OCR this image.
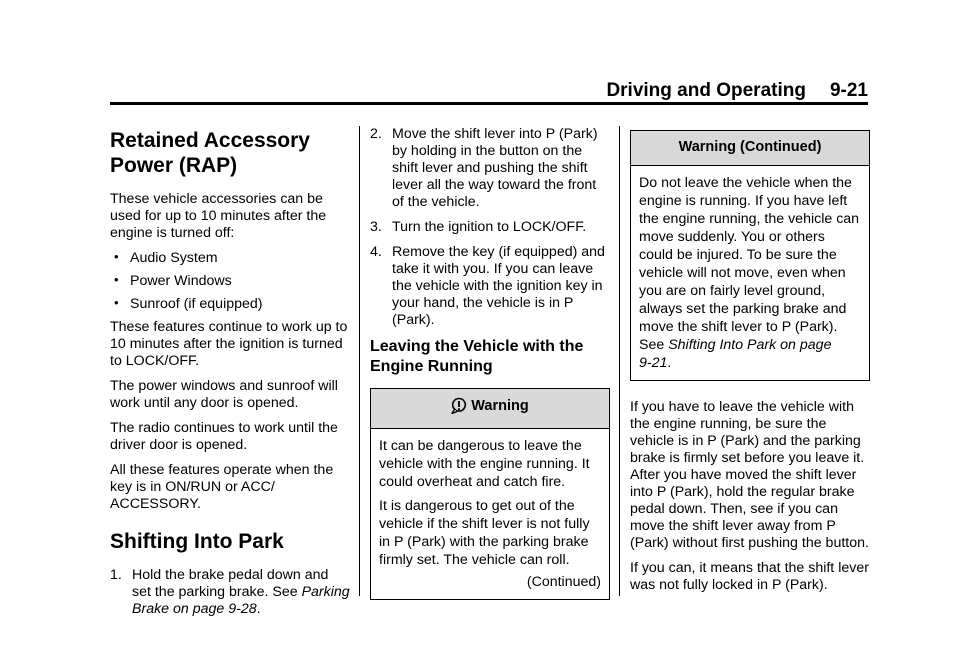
Driving and Operating 9-21
Retained Accessory
Power (RAP)

These vehicle accessories can be used for up to 10 minutes after the engine is turned off:

• Audio System
• Power Windows
• Sunroof (if equipped)

These features continue to work up to 10 minutes after the ignition is turned to LOCK/OFF.

The power windows and sunroof will work until any door is opened.

The radio continues to work until the driver door is opened.

All these features operate when the key is in ON/RUN or ACC/ ACCESSORY.

Shifting Into Park
1. Hold the brake pedal down and set the parking brake. See Parking Brake on page 9‑28.
2. Move the shift lever into P (Park) by holding in the button on the shift lever and pushing the shift lever all the way toward the front of the vehicle.
3. Turn the ignition to LOCK/OFF.
4. Remove the key (if equipped) and take it with you. If you can leave the vehicle with the ignition key in your hand, the vehicle is in P (Park).
Leaving the Vehicle with the Engine Running
Warning

It can be dangerous to leave the vehicle with the engine running. It could overheat and catch fire.

It is dangerous to get out of the vehicle if the shift lever is not fully in P (Park) with the parking brake firmly set. The vehicle can roll.

(Continued)
Warning (Continued)

Do not leave the vehicle when the engine is running. If you have left the engine running, the vehicle can move suddenly. You or others could be injured. To be sure the vehicle will not move, even when you are on fairly level ground, always set the parking brake and move the shift lever to P (Park). See Shifting Into Park on page 9‑21.

If you have to leave the vehicle with the engine running, be sure the vehicle is in P (Park) and the parking brake is firmly set before you leave it. After you have moved the shift lever into P (Park), hold the regular brake pedal down. Then, see if you can move the shift lever away from P (Park) without first pushing the button.

If you can, it means that the shift lever was not fully locked in P (Park).
